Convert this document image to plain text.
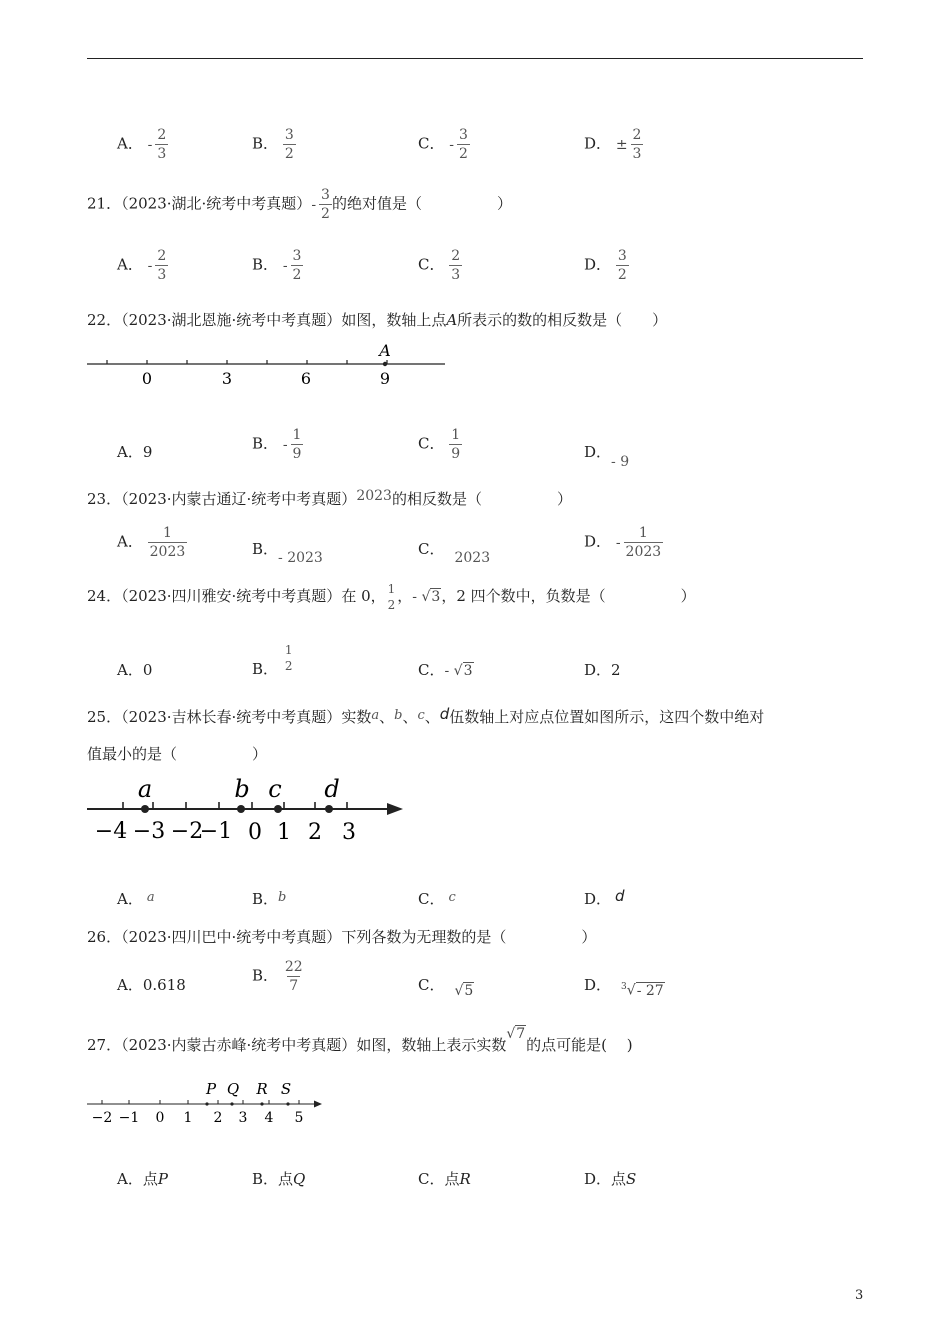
A． - $\frac{2}{3}$	B． $\frac{3}{2}$	C． - $\frac{3}{2}$	D． ± $\frac{2}{3}$
21．（2023·湖北·统考中考真题）- $\frac{3}{2}$ 的绝对值是（　　　　　）
A． - $\frac{2}{3}$	B． - $\frac{3}{2}$	C． $\frac{2}{3}$	D． $\frac{3}{2}$
22．（2023·湖北恩施·统考中考真题）如图，数轴上点A所表示的数的相反数是（　　）
A
0	3	6	9
A．9	B． - $\frac{1}{9}$	C． $\frac{1}{9}$	D．- 9
23．（2023·内蒙古通辽·统考中考真题）2023的相反数是（　　　　　）
A． $\frac{1}{2023}$	B．- 2023	C． 2023
D． - $\frac{1}{2023}$
24．（2023·四川雅安·统考中考真题）在 0， 1
2 ，- √3，2 四个数中，负数是（　　　　　）
A．0	B．
1
2	C．- √3	D．2
25．（2023·吉林长春·统考中考真题）实数a、b、c、d伍数轴上对应点位置如图所示，这四个数中绝对
值最小的是（　　　　　）
a	b c d
−4 −3 −2
−1 0 1 2 3
A． a	B．b	C． c	D． d
26．（2023·四川巴中·统考中考真题）下列各数为无理数的是（　　　　　）
A．0.618
B． $\frac{22}{7}$	C． √5	D． $^3$√- 27
27．（2023·内蒙古赤峰·统考中考真题）如图，数轴上表示实数√7的点可能是(　 )
P Q R S
−2 −1 0 1 2 3 4 5
A．点P	B．点Q	C．点R	D．点S
3
